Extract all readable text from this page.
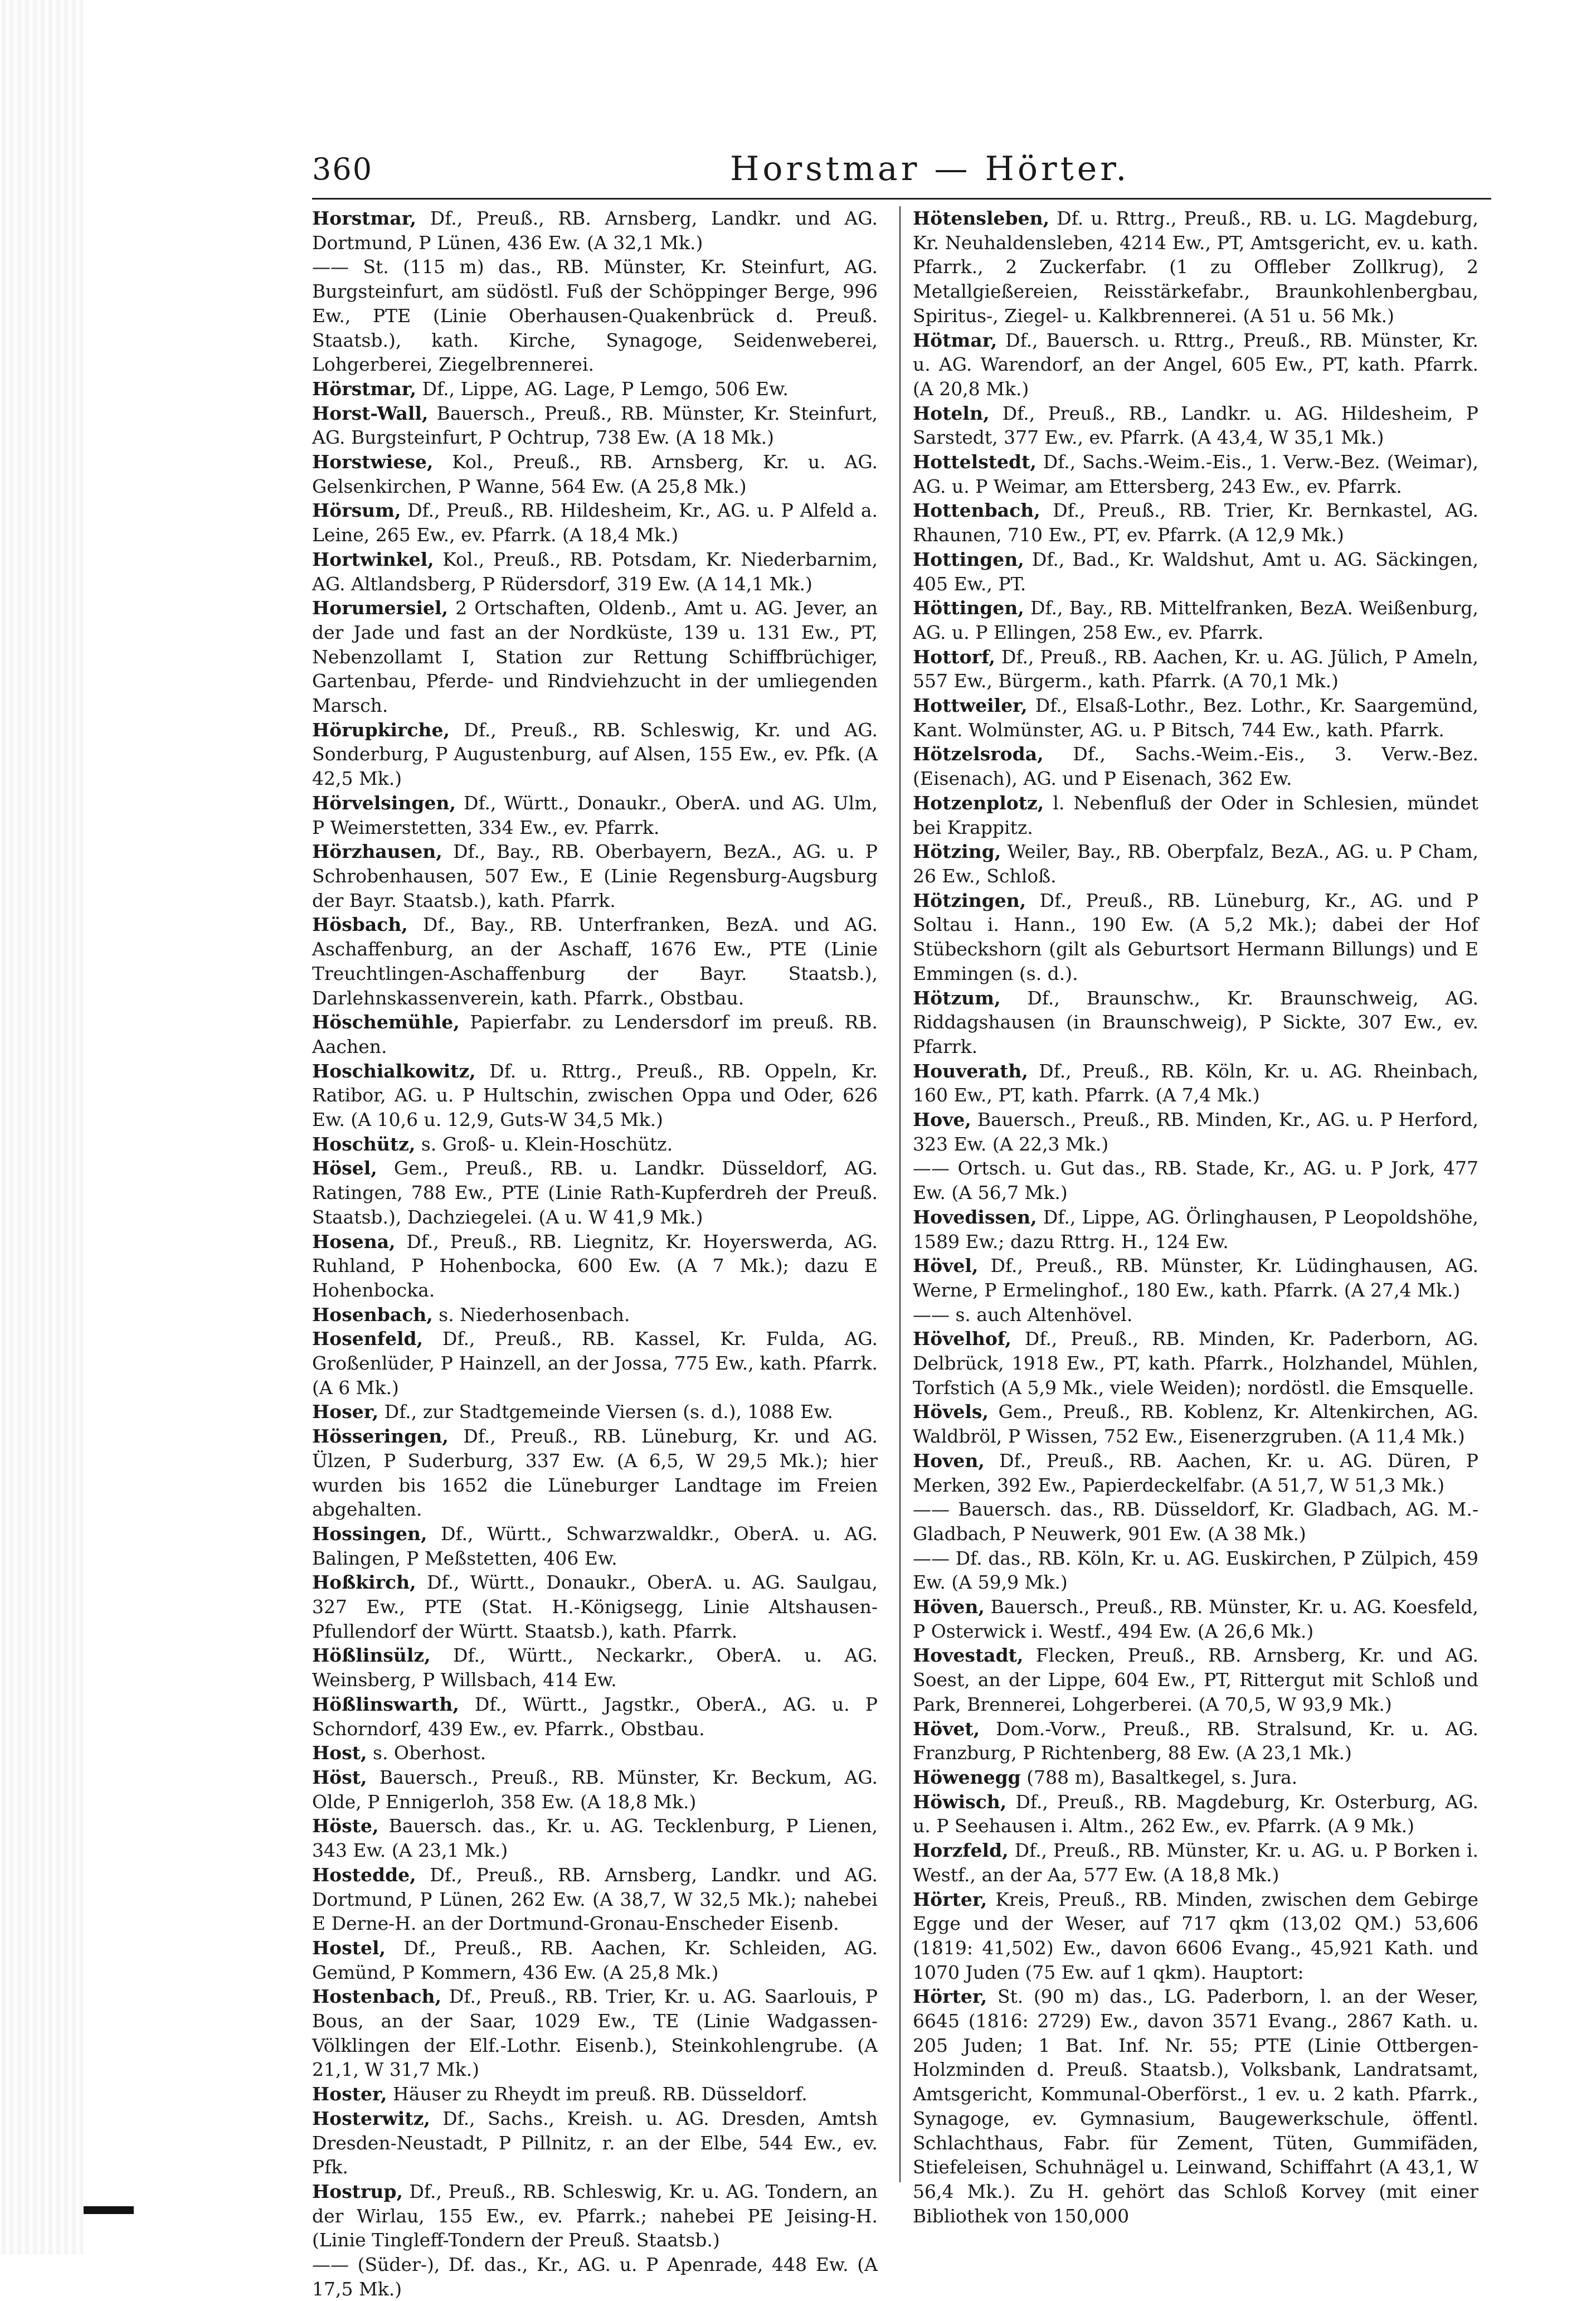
360	Horstmar — Hörter.

Horstmar, Df., Preuß., RB. Arnsberg, Landkr. und AG. Dortmund, P Lünen, 436 Ew. (A 32,1 Mk.)

—— St. (115 m) das., RB. Münster, Kr. Steinfurt, AG. Burgsteinfurt, am südöstl. Fuß der Schöppinger Berge, 996 Ew., PTE (Linie Oberhausen-Quakenbrück d. Preuß. Staatsb.), kath. Kirche, Synagoge, Seidenweberei, Lohgerberei, Ziegelbrennerei.

Hörstmar, Df., Lippe, AG. Lage, P Lemgo, 506 Ew.

Horst-Wall, Bauersch., Preuß., RB. Münster, Kr. Steinfurt, AG. Burgsteinfurt, P Ochtrup, 738 Ew. (A 18 Mk.)

Horstwiese, Kol., Preuß., RB. Arnsberg, Kr. u. AG. Gelsenkirchen, P Wanne, 564 Ew. (A 25,8 Mk.)

Hörsum, Df., Preuß., RB. Hildesheim, Kr., AG. u. P Alfeld a. Leine, 265 Ew., ev. Pfarrk. (A 18,4 Mk.)

Hortwinkel, Kol., Preuß., RB. Potsdam, Kr. Niederbarnim, AG. Altlandsberg, P Rüdersdorf, 319 Ew. (A 14,1 Mk.)

Horumersiel, 2 Ortschaften, Oldenb., Amt u. AG. Jever, an der Jade und fast an der Nordküste, 139 u. 131 Ew., PT, Nebenzollamt I, Station zur Rettung Schiffbrüchiger, Gartenbau, Pferde- und Rindviehzucht in der umliegenden Marsch.

Hörupkirche, Df., Preuß., RB. Schleswig, Kr. und AG. Sonderburg, P Augustenburg, auf Alsen, 155 Ew., ev. Pfk. (A 42,5 Mk.)

Hörvelsingen, Df., Württ., Donaukr., OberA. und AG. Ulm, P Weimerstetten, 334 Ew., ev. Pfarrk.

Hörzhausen, Df., Bay., RB. Oberbayern, BezA., AG. u. P Schrobenhausen, 507 Ew., E (Linie Regensburg-Augsburg der Bayr. Staatsb.), kath. Pfarrk.

Hösbach, Df., Bay., RB. Unterfranken, BezA. und AG. Aschaffenburg, an der Aschaff, 1676 Ew., PTE (Linie Treuchtlingen-Aschaffenburg der Bayr. Staatsb.), Darlehnskassenverein, kath. Pfarrk., Obstbau.

Höschemühle, Papierfabr. zu Lendersdorf im preuß. RB. Aachen.

Hoschialkowitz, Df. u. Rttrg., Preuß., RB. Oppeln, Kr. Ratibor, AG. u. P Hultschin, zwischen Oppa und Oder, 626 Ew. (A 10,6 u. 12,9, Guts-W 34,5 Mk.)

Hoschütz, s. Groß- u. Klein-Hoschütz.

Hösel, Gem., Preuß., RB. u. Landkr. Düsseldorf, AG. Ratingen, 788 Ew., PTE (Linie Rath-Kupferdreh der Preuß. Staatsb.), Dachziegelei. (A u. W 41,9 Mk.)

Hosena, Df., Preuß., RB. Liegnitz, Kr. Hoyerswerda, AG. Ruhland, P Hohenbocka, 600 Ew. (A 7 Mk.); dazu E Hohenbocka.

Hosenbach, s. Niederhosenbach.

Hosenfeld, Df., Preuß., RB. Kassel, Kr. Fulda, AG. Großenlüder, P Hainzell, an der Jossa, 775 Ew., kath. Pfarrk. (A 6 Mk.)

Hoser, Df., zur Stadtgemeinde Viersen (s. d.), 1088 Ew.

Hösseringen, Df., Preuß., RB. Lüneburg, Kr. und AG. Ülzen, P Suderburg, 337 Ew. (A 6,5, W 29,5 Mk.); hier wurden bis 1652 die Lüneburger Landtage im Freien abgehalten.

Hossingen, Df., Württ., Schwarzwaldkr., OberA. u. AG. Balingen, P Meßstetten, 406 Ew.

Hoßkirch, Df., Württ., Donaukr., OberA. u. AG. Saulgau, 327 Ew., PTE (Stat. H.-Königsegg, Linie Altshausen-Pfullendorf der Württ. Staatsb.), kath. Pfarrk.

Hößlinsülz, Df., Württ., Neckarkr., OberA. u. AG. Weinsberg, P Willsbach, 414 Ew.

Hößlinswarth, Df., Württ., Jagstkr., OberA., AG. u. P Schorndorf, 439 Ew., ev. Pfarrk., Obstbau.

Host, s. Oberhost.

Höst, Bauersch., Preuß., RB. Münster, Kr. Beckum, AG. Olde, P Ennigerloh, 358 Ew. (A 18,8 Mk.)

Höste, Bauersch. das., Kr. u. AG. Tecklenburg, P Lienen, 343 Ew. (A 23,1 Mk.)

Hostedde, Df., Preuß., RB. Arnsberg, Landkr. und AG. Dortmund, P Lünen, 262 Ew. (A 38,7, W 32,5 Mk.); nahebei E Derne-H. an der Dortmund-Gronau-Enscheder Eisenb.

Hostel, Df., Preuß., RB. Aachen, Kr. Schleiden, AG. Gemünd, P Kommern, 436 Ew. (A 25,8 Mk.)

Hostenbach, Df., Preuß., RB. Trier, Kr. u. AG. Saarlouis, P Bous, an der Saar, 1029 Ew., TE (Linie Wadgassen-Völklingen der Elf.-Lothr. Eisenb.), Steinkohlengrube. (A 21,1, W 31,7 Mk.)

Hoster, Häuser zu Rheydt im preuß. RB. Düsseldorf.

Hosterwitz, Df., Sachs., Kreish. u. AG. Dresden, Amtsh Dresden-Neustadt, P Pillnitz, r. an der Elbe, 544 Ew., ev. Pfk.

Hostrup, Df., Preuß., RB. Schleswig, Kr. u. AG. Tondern, an der Wirlau, 155 Ew., ev. Pfarrk.; nahebei PE Jeising-H. (Linie Tingleff-Tondern der Preuß. Staatsb.)

—— (Süder-), Df. das., Kr., AG. u. P Apenrade, 448 Ew. (A 17,5 Mk.)

Hötensleben, Df. u. Rttrg., Preuß., RB. u. LG. Magdeburg, Kr. Neuhaldensleben, 4214 Ew., PT, Amtsgericht, ev. u. kath. Pfarrk., 2 Zuckerfabr. (1 zu Offleber Zollkrug), 2 Metallgießereien, Reisstärkefabr., Braunkohlenbergbau, Spiritus-, Ziegel- u. Kalkbrennerei. (A 51 u. 56 Mk.)

Hötmar, Df., Bauersch. u. Rttrg., Preuß., RB. Münster, Kr. u. AG. Warendorf, an der Angel, 605 Ew., PT, kath. Pfarrk. (A 20,8 Mk.)

Hoteln, Df., Preuß., RB., Landkr. u. AG. Hildesheim, P Sarstedt, 377 Ew., ev. Pfarrk. (A 43,4, W 35,1 Mk.)

Hottelstedt, Df., Sachs.-Weim.-Eis., 1. Verw.-Bez. (Weimar), AG. u. P Weimar, am Ettersberg, 243 Ew., ev. Pfarrk.

Hottenbach, Df., Preuß., RB. Trier, Kr. Bernkastel, AG. Rhaunen, 710 Ew., PT, ev. Pfarrk. (A 12,9 Mk.)

Hottingen, Df., Bad., Kr. Waldshut, Amt u. AG. Säckingen, 405 Ew., PT.

Höttingen, Df., Bay., RB. Mittelfranken, BezA. Weißenburg, AG. u. P Ellingen, 258 Ew., ev. Pfarrk.

Hottorf, Df., Preuß., RB. Aachen, Kr. u. AG. Jülich, P Ameln, 557 Ew., Bürgerm., kath. Pfarrk. (A 70,1 Mk.)

Hottweiler, Df., Elsaß-Lothr., Bez. Lothr., Kr. Saargemünd, Kant. Wolmünster, AG. u. P Bitsch, 744 Ew., kath. Pfarrk.

Hötzelsroda, Df., Sachs.-Weim.-Eis., 3. Verw.-Bez. (Eisenach), AG. und P Eisenach, 362 Ew.

Hotzenplotz, l. Nebenfluß der Oder in Schlesien, mündet bei Krappitz.

Hötzing, Weiler, Bay., RB. Oberpfalz, BezA., AG. u. P Cham, 26 Ew., Schloß.

Hötzingen, Df., Preuß., RB. Lüneburg, Kr., AG. und P Soltau i. Hann., 190 Ew. (A 5,2 Mk.); dabei der Hof Stübeckshorn (gilt als Geburtsort Hermann Billungs) und E Emmingen (s. d.).

Hötzum, Df., Braunschw., Kr. Braunschweig, AG. Riddagshausen (in Braunschweig), P Sickte, 307 Ew., ev. Pfarrk.

Houverath, Df., Preuß., RB. Köln, Kr. u. AG. Rheinbach, 160 Ew., PT, kath. Pfarrk. (A 7,4 Mk.)

Hove, Bauersch., Preuß., RB. Minden, Kr., AG. u. P Herford, 323 Ew. (A 22,3 Mk.)

—— Ortsch. u. Gut das., RB. Stade, Kr., AG. u. P Jork, 477 Ew. (A 56,7 Mk.)

Hovedissen, Df., Lippe, AG. Örlinghausen, P Leopoldshöhe, 1589 Ew.; dazu Rttrg. H., 124 Ew.

Hövel, Df., Preuß., RB. Münster, Kr. Lüdinghausen, AG. Werne, P Ermelinghof., 180 Ew., kath. Pfarrk. (A 27,4 Mk.)

—— s. auch Altenhövel.

Hövelhof, Df., Preuß., RB. Minden, Kr. Paderborn, AG. Delbrück, 1918 Ew., PT, kath. Pfarrk., Holzhandel, Mühlen, Torfstich (A 5,9 Mk., viele Weiden); nordöstl. die Emsquelle.

Hövels, Gem., Preuß., RB. Koblenz, Kr. Altenkirchen, AG. Waldbröl, P Wissen, 752 Ew., Eisenerzgruben. (A 11,4 Mk.)

Hoven, Df., Preuß., RB. Aachen, Kr. u. AG. Düren, P Merken, 392 Ew., Papierdeckelfabr. (A 51,7, W 51,3 Mk.)

—— Bauersch. das., RB. Düsseldorf, Kr. Gladbach, AG. M.-Gladbach, P Neuwerk, 901 Ew. (A 38 Mk.)

—— Df. das., RB. Köln, Kr. u. AG. Euskirchen, P Zülpich, 459 Ew. (A 59,9 Mk.)

Höven, Bauersch., Preuß., RB. Münster, Kr. u. AG. Koesfeld, P Osterwick i. Westf., 494 Ew. (A 26,6 Mk.)

Hovestadt, Flecken, Preuß., RB. Arnsberg, Kr. und AG. Soest, an der Lippe, 604 Ew., PT, Rittergut mit Schloß und Park, Brennerei, Lohgerberei. (A 70,5, W 93,9 Mk.)

Hövet, Dom.-Vorw., Preuß., RB. Stralsund, Kr. u. AG. Franzburg, P Richtenberg, 88 Ew. (A 23,1 Mk.)

Höwenegg (788 m), Basaltkegel, s. Jura.

Höwisch, Df., Preuß., RB. Magdeburg, Kr. Osterburg, AG. u. P Seehausen i. Altm., 262 Ew., ev. Pfarrk. (A 9 Mk.)

Horzfeld, Df., Preuß., RB. Münster, Kr. u. AG. u. P Borken i. Westf., an der Aa, 577 Ew. (A 18,8 Mk.)

Hörter, Kreis, Preuß., RB. Minden, zwischen dem Gebirge Egge und der Weser, auf 717 qkm (13,02 QM.) 53,606 (1819: 41,502) Ew., davon 6606 Evang., 45,921 Kath. und 1070 Juden (75 Ew. auf 1 qkm). Hauptort:

Hörter, St. (90 m) das., LG. Paderborn, l. an der Weser, 6645 (1816: 2729) Ew., davon 3571 Evang., 2867 Kath. u. 205 Juden; 1 Bat. Inf. Nr. 55; PTE (Linie Ottbergen-Holzminden d. Preuß. Staatsb.), Volksbank, Landratsamt, Amtsgericht, Kommunal-Oberförst., 1 ev. u. 2 kath. Pfarrk., Synagoge, ev. Gymnasium, Baugewerkschule, öffentl. Schlachthaus, Fabr. für Zement, Tüten, Gummifäden, Stiefeleisen, Schuhnägel u. Leinwand, Schiffahrt (A 43,1, W 56,4 Mk.). Zu H. gehört das Schloß Korvey (mit einer Bibliothek von 150,000
